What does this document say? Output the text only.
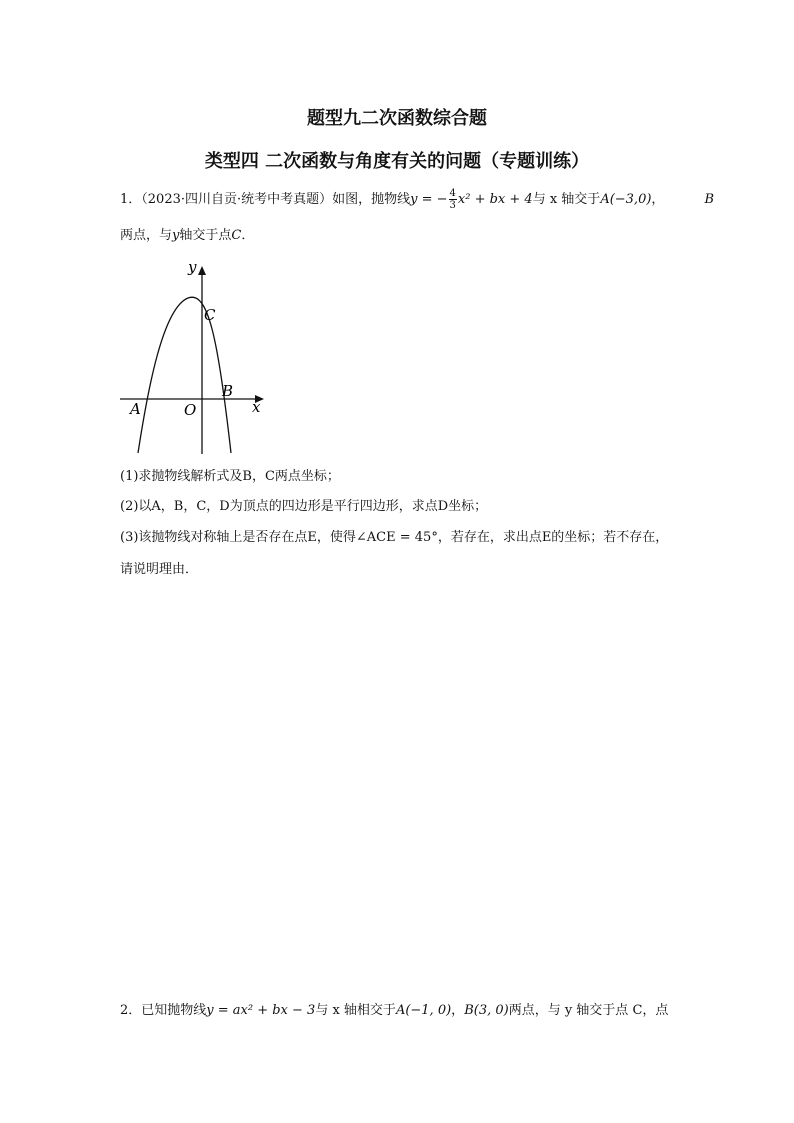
题型九二次函数综合题
类型四 二次函数与角度有关的问题（专题训练）
1．（2023·四川自贡·统考中考真题）如图，抛物线y = − $\frac{4}{3} x^2$ + bx + 4与 x 轴交于A(−3,0)，	B
两点，与y轴交于点C．
y
x
C
B
A	O
(1)求抛物线解析式及B，C两点坐标；
(2)以A，B，C，D为顶点的四边形是平行四边形，求点D坐标；
(3)该抛物线对称轴上是否存在点E，使得∠ACE = 45°，若存在，求出点E的坐标；若不存在，
请说明理由．
2．已知抛物线y = ax² + bx − 3与 x 轴相交于A(−1, 0)，B(3, 0)两点，与 y 轴交于点 C，点
